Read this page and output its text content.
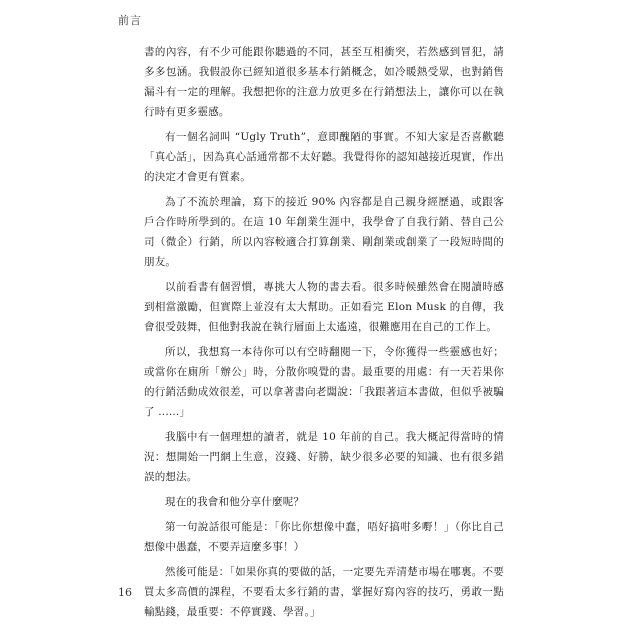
前言

書的內容，有不少可能跟你聽過的不同，甚至互相衝突，若然感到冒犯，請多多包涵。我假設你已經知道很多基本行銷概念，如冷暖熱受眾，也對銷售漏斗有一定的理解。我想把你的注意力放更多在行銷想法上，讓你可以在執行時有更多靈感。

有一個名詞叫 “Ugly Truth”，意即醜陋的事實。不知大家是否喜歡聽「真心話」，因為真心話通常都不太好聽。我覺得你的認知越接近現實，作出的決定才會更有質素。

為了不流於理論，寫下的接近 90% 內容都是自己親身經歷過，或跟客戶合作時所學到的。在這 10 年創業生涯中，我學會了自我行銷、替自己公司（微企）行銷，所以內容較適合打算創業、剛創業或創業了一段短時間的朋友。

以前看書有個習慣，專挑大人物的書去看。很多時候雖然會在閱讀時感到相當激勵，但實際上並沒有太大幫助。正如看完 Elon Musk 的自傳，我會很受鼓舞，但他對我說在執行層面上太遙遠，很難應用在自己的工作上。

所以，我想寫一本待你可以有空時翻閱一下，令你獲得一些靈感也好；或當你在廁所「辦公」時，分散你嗅覺的書。最重要的用處：有一天若果你的行銷活動成效很差，可以拿著書向老闆說：「我跟著這本書做，但似乎被騙了 ......」

我腦中有一個理想的讀者，就是 10 年前的自己。我大概記得當時的情況：想開始一門網上生意，沒錢、好勝，缺少很多必要的知識、也有很多錯誤的想法。

現在的我會和他分享什麼呢？

第一句說話很可能是：「你比你想像中蠢，唔好搞咁多嘢！」（你比自己想像中愚蠢，不要弄這麼多事！）

然後可能是：「如果你真的要做的話，一定要先弄清楚市場在哪裏。不要買太多高價的課程，不要看太多行銷的書，掌握好寫內容的技巧，勇敢一點輸點錢，最重要：不停實踐、學習。」

16
